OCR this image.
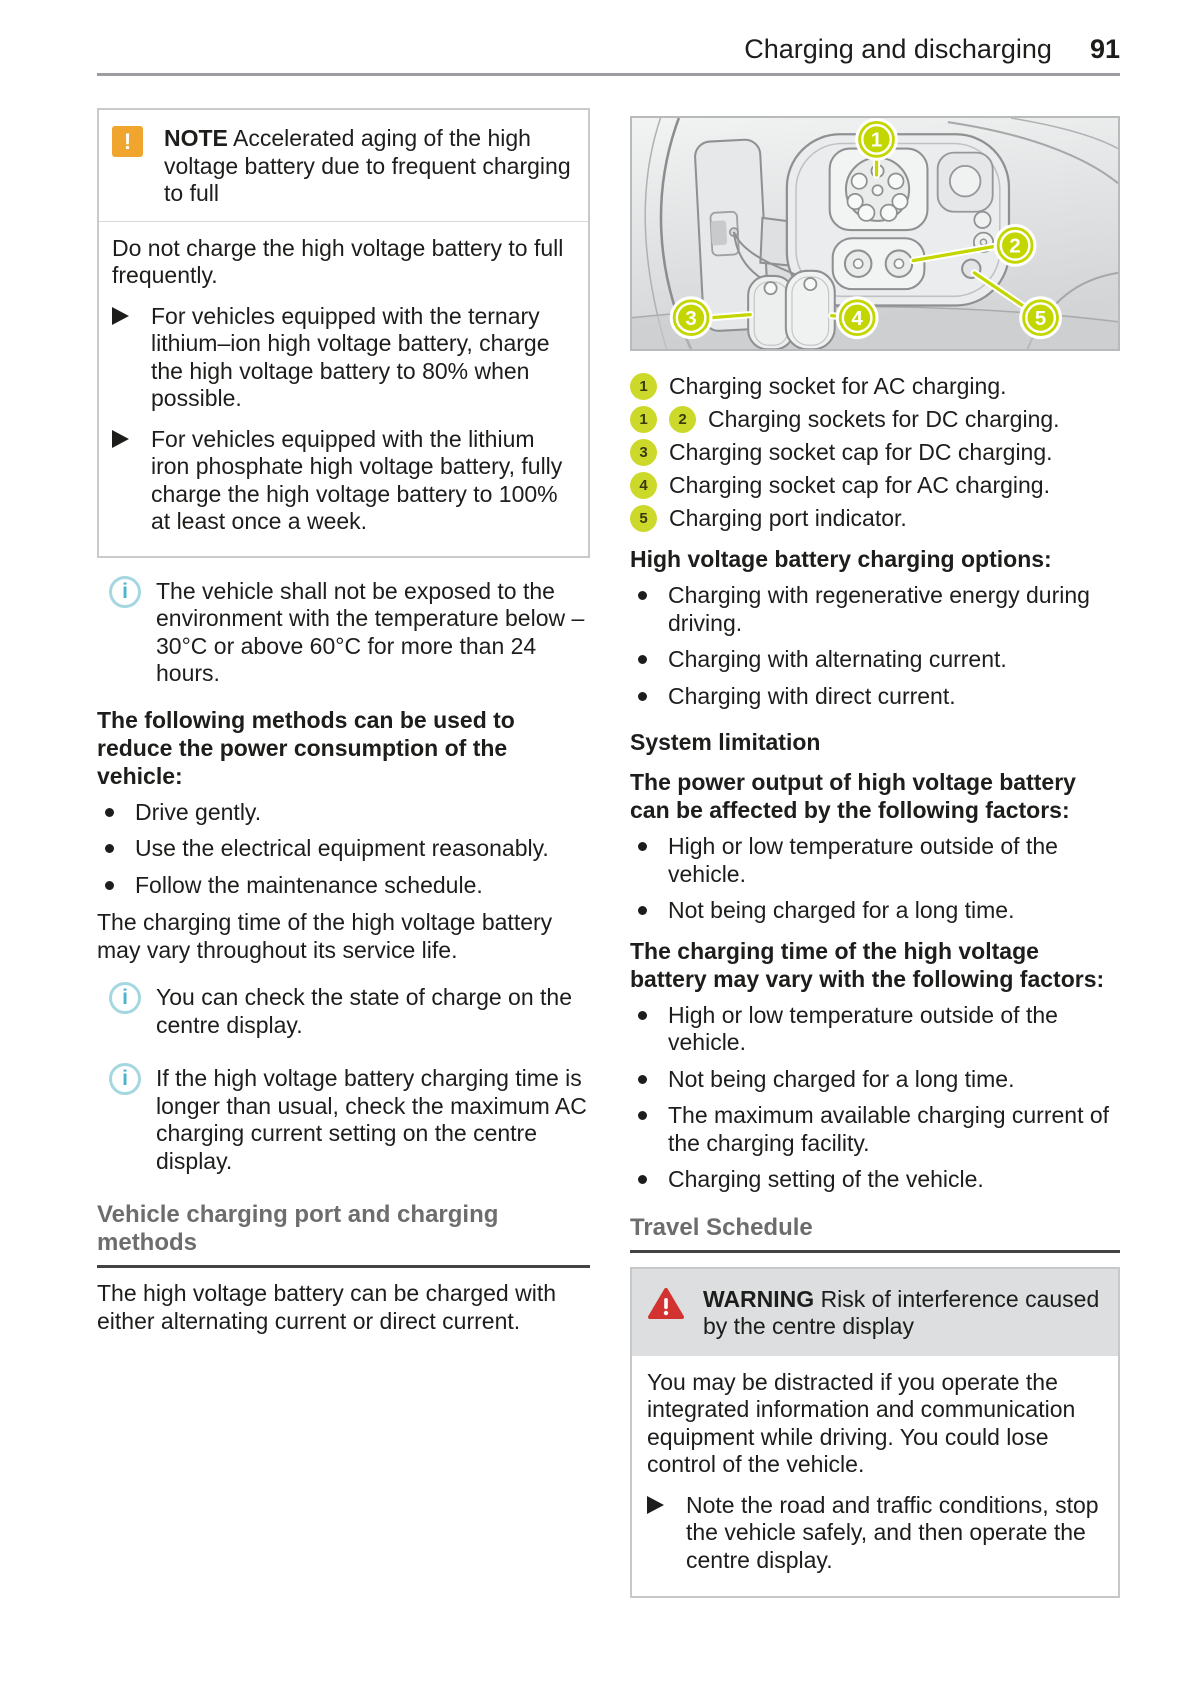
Charging and discharging 91
!	NOTE Accelerated aging of the high voltage battery due to frequent charging to full

Do not charge the high voltage battery to full frequently.

For vehicles equipped with the ternary lithium–ion high voltage battery, charge the high voltage battery to 80% when possible.

For vehicles equipped with the lithium iron phosphate high voltage battery, fully charge the high voltage battery to 100% at least once a week.

i	The vehicle shall not be exposed to the environment with the temperature below –30°C or above 60°C for more than 24 hours.

The following methods can be used to reduce the power consumption of the vehicle:

Drive gently.

Use the electrical equipment reasonably.

Follow the maintenance schedule.

The charging time of the high voltage battery may vary throughout its service life.

i	You can check the state of charge on the centre display.

i	If the high voltage battery charging time is longer than usual, check the maximum AC charging current setting on the centre display.

Vehicle charging port and charging methods

The high voltage battery can be charged with either alternating current or direct current.

1
2
3	4	5
1 Charging socket for AC charging.

1	2 Charging sockets for DC charging.

3 Charging socket cap for DC charging.

4 Charging socket cap for AC charging.

5 Charging port indicator.

High voltage battery charging options:

Charging with regenerative energy during driving.

Charging with alternating current.

Charging with direct current.

System limitation

The power output of high voltage battery can be affected by the following factors:

High or low temperature outside of the vehicle.

Not being charged for a long time.

The charging time of the high voltage battery may vary with the following factors:

High or low temperature outside of the vehicle.

Not being charged for a long time.

The maximum available charging current of the charging facility.

Charging setting of the vehicle.

Travel Schedule

WARNING Risk of interference caused by the centre display

You may be distracted if you operate the integrated information and communication equipment while driving. You could lose control of the vehicle.

Note the road and traffic conditions, stop the vehicle safely, and then operate the centre display.
